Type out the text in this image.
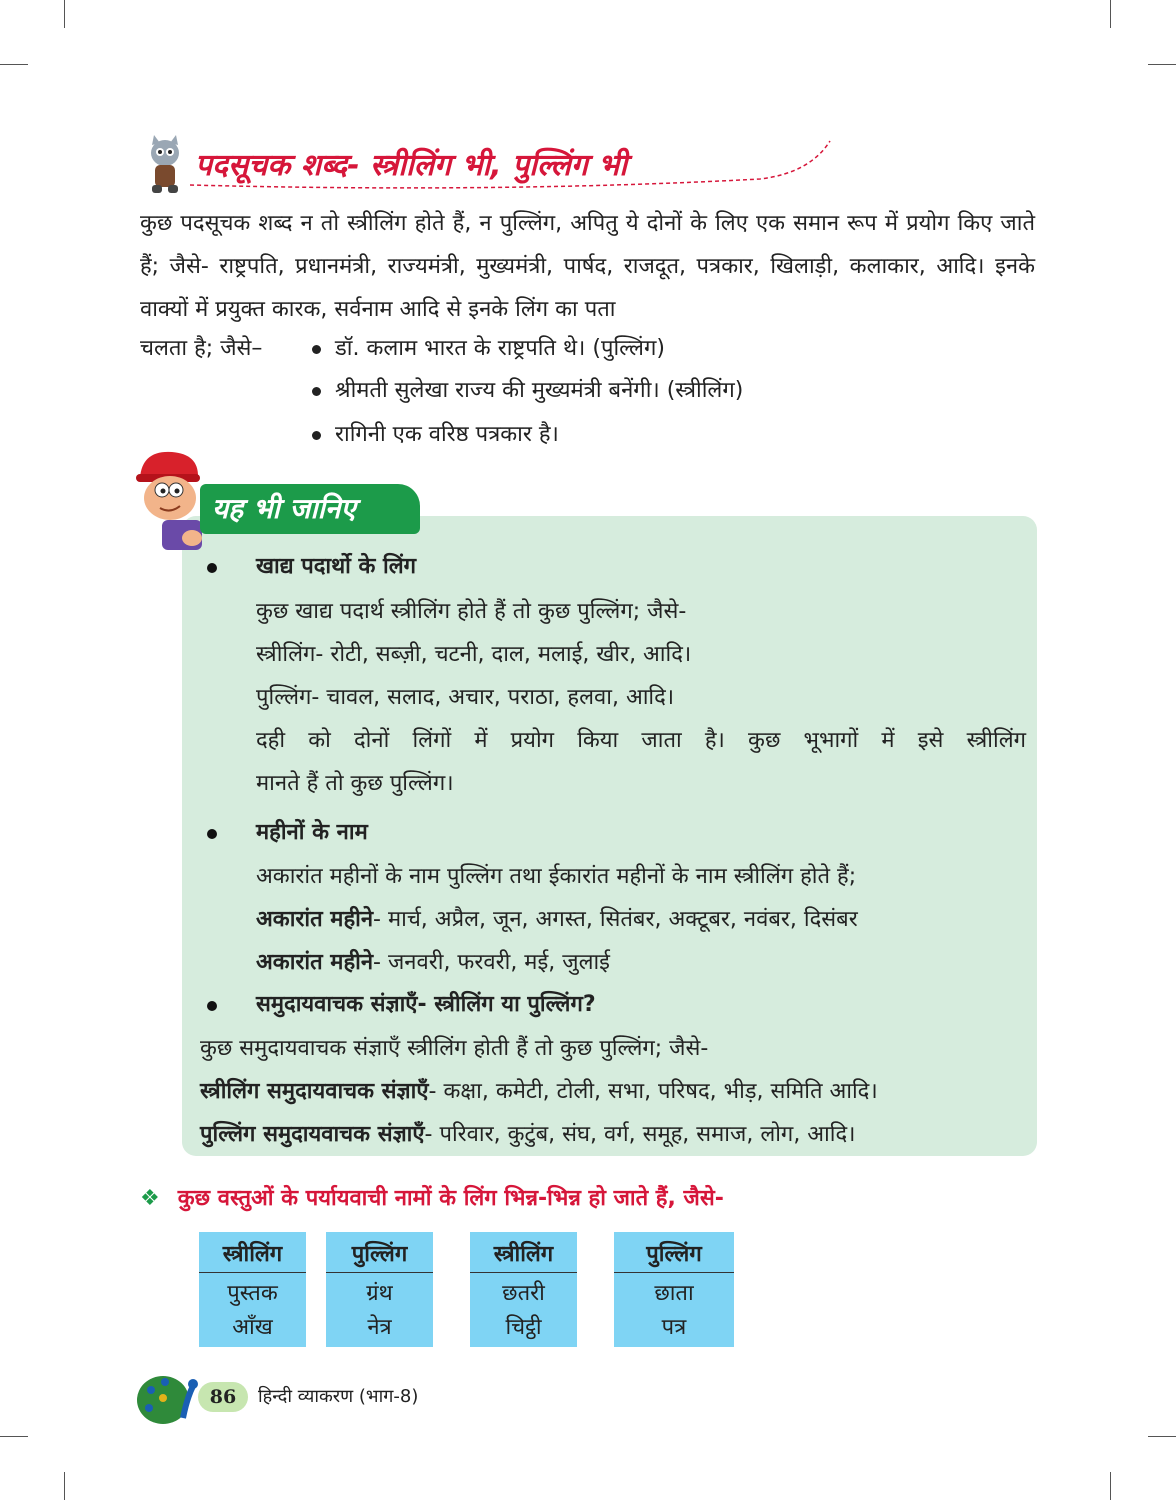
पदसूचक शब्द- स्त्रीलिंग भी, पुल्लिंग भी
कुछ पदसूचक शब्द न तो स्त्रीलिंग होते हैं, न पुल्लिंग, अपितु ये दोनों के लिए एक समान रूप में प्रयोग किए जाते हैं; जैसे- राष्ट्रपति, प्रधानमंत्री, राज्यमंत्री, मुख्यमंत्री, पार्षद, राजदूत, पत्रकार, खिलाड़ी, कलाकार, आदि। इनके वाक्यों में प्रयुक्त कारक, सर्वनाम आदि से इनके लिंग का पता
चलता है; जैसे–	डॉ. कलाम भारत के राष्ट्रपति थे। (पुल्लिंग)
श्रीमती सुलेखा राज्य की मुख्यमंत्री बनेंगी। (स्त्रीलिंग)
रागिनी एक वरिष्ठ पत्रकार है।
यह भी जानिए
खाद्य पदार्थो के लिंग
कुछ खाद्य पदार्थ स्त्रीलिंग होते हैं तो कुछ पुल्लिंग; जैसे-
स्त्रीलिंग- रोटी, सब्ज़ी, चटनी, दाल, मलाई, खीर, आदि।
पुल्लिंग- चावल, सलाद, अचार, पराठा, हलवा, आदि।
दही को दोनों लिंगों में प्रयोग किया जाता है। कुछ भूभागों में इसे स्त्रीलिंग
मानते हैं तो कुछ पुल्लिंग।
महीनों के नाम
अकारांत महीनों के नाम पुल्लिंग तथा ईकारांत महीनों के नाम स्त्रीलिंग होते हैं;
अकारांत महीने- मार्च, अप्रैल, जून, अगस्त, सितंबर, अक्टूबर, नवंबर, दिसंबर
अकारांत महीने- जनवरी, फरवरी, मई, जुलाई
समुदायवाचक संज्ञाएँ- स्त्रीलिंग या पुल्लिंग?
कुछ समुदायवाचक संज्ञाएँ स्त्रीलिंग होती हैं तो कुछ पुल्लिंग; जैसे-
स्त्रीलिंग समुदायवाचक संज्ञाएँ- कक्षा, कमेटी, टोली, सभा, परिषद, भीड़, समिति आदि।
पुल्लिंग समुदायवाचक संज्ञाएँ- परिवार, कुटुंब, संघ, वर्ग, समूह, समाज, लोग, आदि।
❖ कुछ वस्तुओं के पर्यायवाची नामों के लिंग भिन्न-भिन्न हो जाते हैं, जैसे-
स्त्रीलिंग
पुस्तक
आँख
पुल्लिंग
ग्रंथ
नेत्र
स्त्रीलिंग
छतरी
चिट्ठी
पुल्लिंग
छाता
पत्र
86	हिन्दी व्याकरण (भाग-8)
